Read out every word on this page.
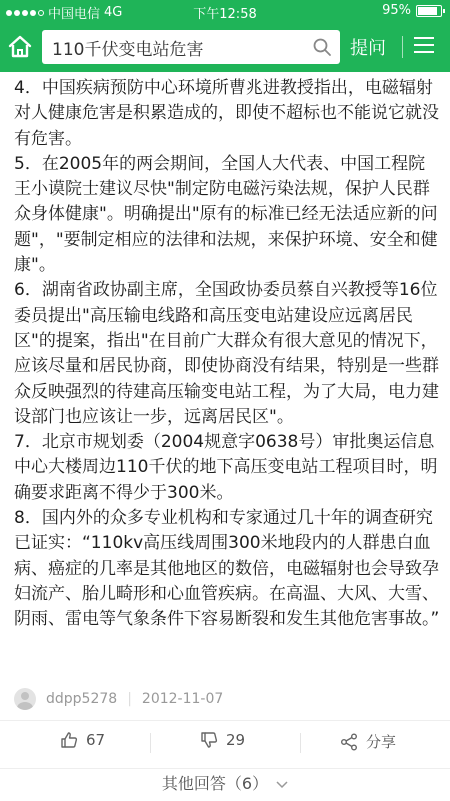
中国电信 4G	下午12:58	95%
110千伏变电站危害
提问

4．中国疾病预防中心环境所曹兆进教授指出，电磁辐射对人健康危害是积累造成的，即使不超标也不能说它就没有危害。

5．在2005年的两会期间，全国人大代表、中国工程院王小谟院士建议尽快"制定防电磁污染法规，保护人民群众身体健康"。明确提出"原有的标准已经无法适应新的问题"，"要制定相应的法律和法规，来保护环境、安全和健康"。

6．湖南省政协副主席，全国政协委员蔡自兴教授等16位委员提出"高压输电线路和高压变电站建设应远离居民区"的提案，指出"在目前广大群众有很大意见的情况下，应该尽量和居民协商，即使协商没有结果，特别是一些群众反映强烈的待建高压输变电站工程，为了大局，电力建设部门也应该让一步，远离居民区"。

7．北京市规划委（2004规意字0638号）审批奥运信息中心大楼周边110千伏的地下高压变电站工程项目时，明确要求距离不得少于300米。

8．国内外的众多专业机构和专家通过几十年的调查研究已证实：“110kv高压线周围300米地段内的人群患白血病、癌症的几率是其他地区的数倍，电磁辐射也会导致孕妇流产、胎儿畸形和心血管疾病。在高温、大风、大雪、阴雨、雷电等气象条件下容易断裂和发生其他危害事故。”

ddpp5278 | 2012-11-07
67	29	分享
其他回答（6）
